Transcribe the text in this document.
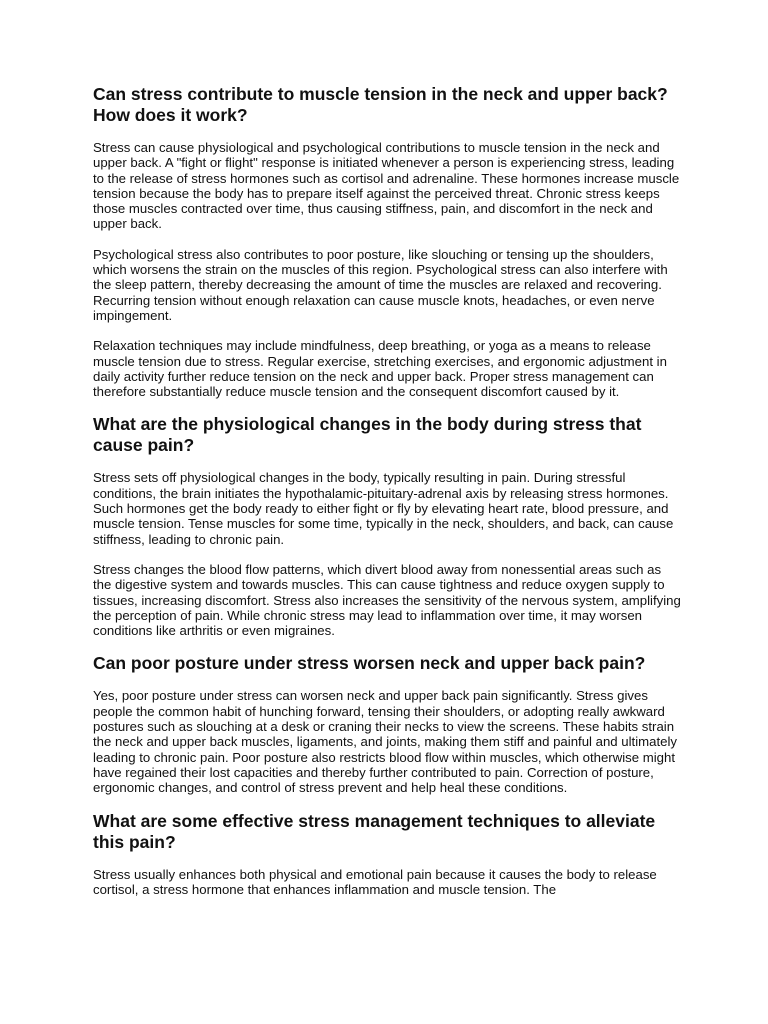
Can stress contribute to muscle tension in the neck and upper back? How does it work?

Stress can cause physiological and psychological contributions to muscle tension in the neck and upper back. A "fight or flight" response is initiated whenever a person is experiencing stress, leading to the release of stress hormones such as cortisol and adrenaline. These hormones increase muscle tension because the body has to prepare itself against the perceived threat. Chronic stress keeps those muscles contracted over time, thus causing stiffness, pain, and discomfort in the neck and upper back.

Psychological stress also contributes to poor posture, like slouching or tensing up the shoulders, which worsens the strain on the muscles of this region. Psychological stress can also interfere with the sleep pattern, thereby decreasing the amount of time the muscles are relaxed and recovering. Recurring tension without enough relaxation can cause muscle knots, headaches, or even nerve impingement.

Relaxation techniques may include mindfulness, deep breathing, or yoga as a means to release muscle tension due to stress. Regular exercise, stretching exercises, and ergonomic adjustment in daily activity further reduce tension on the neck and upper back. Proper stress management can therefore substantially reduce muscle tension and the consequent discomfort caused by it.

What are the physiological changes in the body during stress that cause pain?

Stress sets off physiological changes in the body, typically resulting in pain. During stressful conditions, the brain initiates the hypothalamic-pituitary-adrenal axis by releasing stress hormones. Such hormones get the body ready to either fight or fly by elevating heart rate, blood pressure, and muscle tension. Tense muscles for some time, typically in the neck, shoulders, and back, can cause stiffness, leading to chronic pain.

Stress changes the blood flow patterns, which divert blood away from nonessential areas such as the digestive system and towards muscles. This can cause tightness and reduce oxygen supply to tissues, increasing discomfort. Stress also increases the sensitivity of the nervous system, amplifying the perception of pain. While chronic stress may lead to inflammation over time, it may worsen conditions like arthritis or even migraines.

Can poor posture under stress worsen neck and upper back pain?

Yes, poor posture under stress can worsen neck and upper back pain significantly. Stress gives people the common habit of hunching forward, tensing their shoulders, or adopting really awkward postures such as slouching at a desk or craning their necks to view the screens. These habits strain the neck and upper back muscles, ligaments, and joints, making them stiff and painful and ultimately leading to chronic pain. Poor posture also restricts blood flow within muscles, which otherwise might have regained their lost capacities and thereby further contributed to pain. Correction of posture, ergonomic changes, and control of stress prevent and help heal these conditions.

What are some effective stress management techniques to alleviate this pain?

Stress usually enhances both physical and emotional pain because it causes the body to release cortisol, a stress hormone that enhances inflammation and muscle tension. The
